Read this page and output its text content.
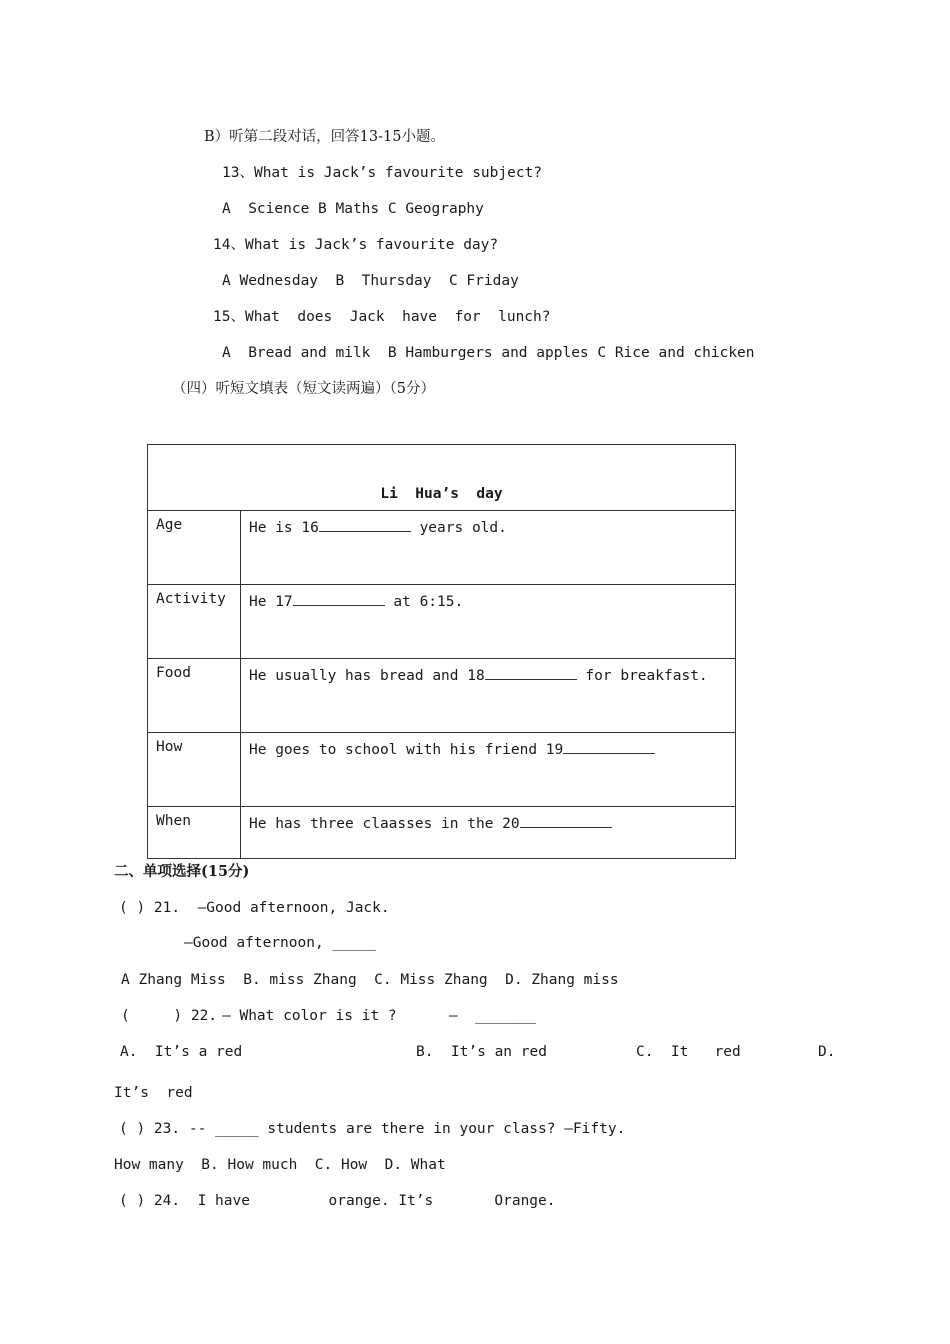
B）听第二段对话，回答13-15小题。
13、What is Jack’s favourite subject?
A  Science B Maths C Geography
14、What is Jack’s favourite day?
A Wednesday  B  Thursday  C Friday
15、What  does  Jack  have  for  lunch?
A  Bread and milk  B Hamburgers and apples C Rice and chicken
（四）听短文填表（短文读两遍）（5分）
Li  Hua’s  day	
Age	He is 16 years old.
Activity	He 17 at 6:15.
Food	He usually has bread and 18 for breakfast.
How	He goes to school with his friend 19
When	He has three claasses in the 20
二、单项选择(15分)
( ) 21.  –Good afternoon, Jack.
–Good afternoon, _____
A Zhang Miss  B. miss Zhang  C. Miss Zhang  D. Zhang miss
(     ) 22. — What color is it ?      —  _______
A.  It’s a red	B.  It’s an red	C.  It   red	D.
It’s  red
( ) 23. -- _____ students are there in your class? –Fifty.
How many  B. How much  C. How  D. What
( ) 24.  I have         orange. It’s       Orange.
